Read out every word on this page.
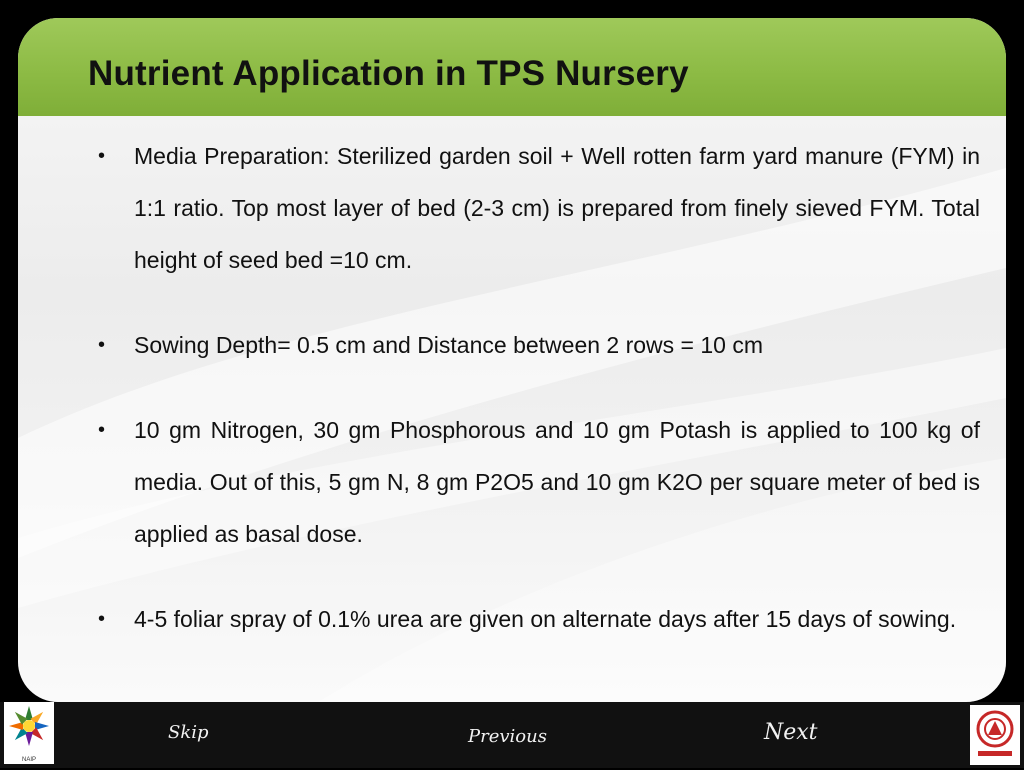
Nutrient Application in TPS Nursery
• Media Preparation: Sterilized garden soil + Well rotten farm yard manure (FYM) in 1:1 ratio. Top most layer of bed (2-3 cm) is prepared from finely sieved FYM. Total height of seed bed =10 cm.
• Sowing Depth= 0.5 cm and Distance between 2 rows = 10 cm
• 10 gm Nitrogen, 30 gm Phosphorous and 10 gm Potash is applied to 100 kg of media. Out of this, 5 gm N, 8 gm P2O5 and 10 gm K2O per square meter of bed is applied as basal dose.
• 4-5 foliar spray of 0.1% urea are given on alternate days after 15 days of sowing.
Skip	Previous	Next
NAIP
